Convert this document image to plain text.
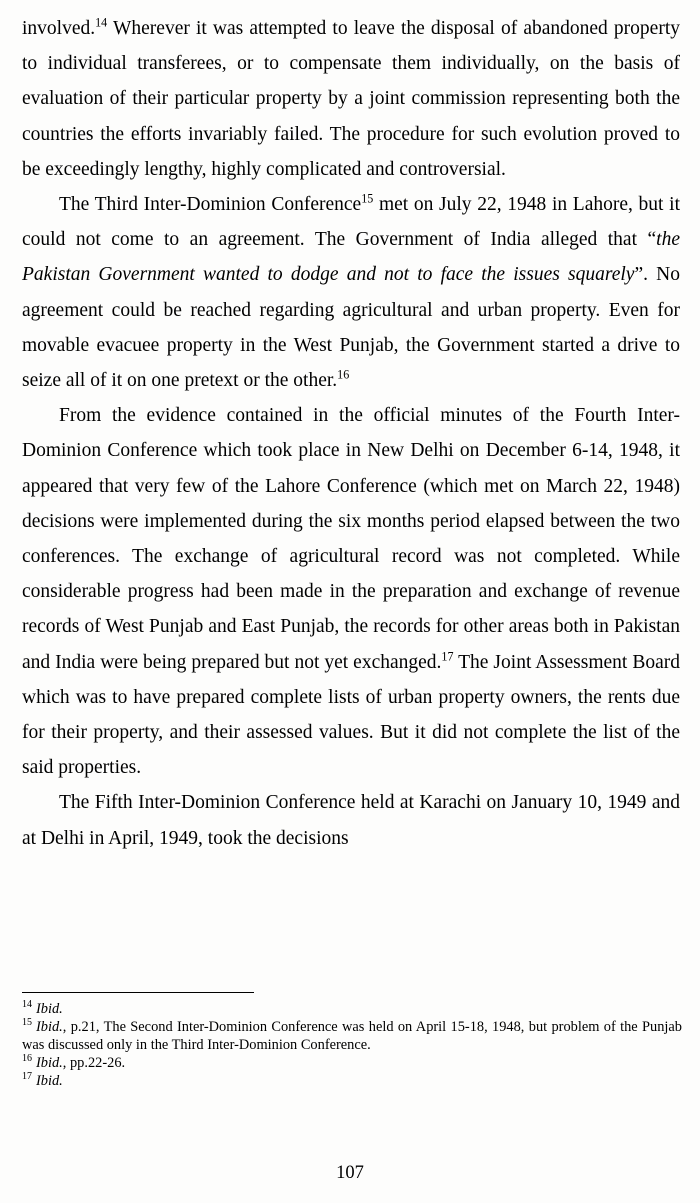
involved.$^{14}$ Wherever it was attempted to leave the disposal of abandoned property to individual transferees, or to compensate them individually, on the basis of evaluation of their particular property by a joint commission representing both the countries the efforts invariably failed. The procedure for such evolution proved to be exceedingly lengthy, highly complicated and controversial.

The Third Inter-Dominion Conference$^{15}$ met on July 22, 1948 in Lahore, but it could not come to an agreement. The Government of India alleged that “the Pakistan Government wanted to dodge and not to face the issues squarely”. No agreement could be reached regarding agricultural and urban property. Even for movable evacuee property in the West Punjab, the Government started a drive to seize all of it on one pretext or the other.$^{16}$

From the evidence contained in the official minutes of the Fourth Inter-Dominion Conference which took place in New Delhi on December 6-14, 1948, it appeared that very few of the Lahore Conference (which met on March 22, 1948) decisions were implemented during the six months period elapsed between the two conferences. The exchange of agricultural record was not completed. While considerable progress had been made in the preparation and exchange of revenue records of West Punjab and East Punjab, the records for other areas both in Pakistan and India were being prepared but not yet exchanged.$^{17}$ The Joint Assessment Board which was to have prepared complete lists of urban property owners, the rents due for their property, and their assessed values. But it did not complete the list of the said properties.

The Fifth Inter-Dominion Conference held at Karachi on January 10, 1949 and at Delhi in April, 1949, took the decisions

$^{14}$ Ibid.

$^{15}$ Ibid., p.21, The Second Inter-Dominion Conference was held on April 15-18, 1948, but problem of the Punjab was discussed only in the Third Inter-Dominion Conference.

$^{16}$ Ibid., pp.22-26.

$^{17}$ Ibid.

107
